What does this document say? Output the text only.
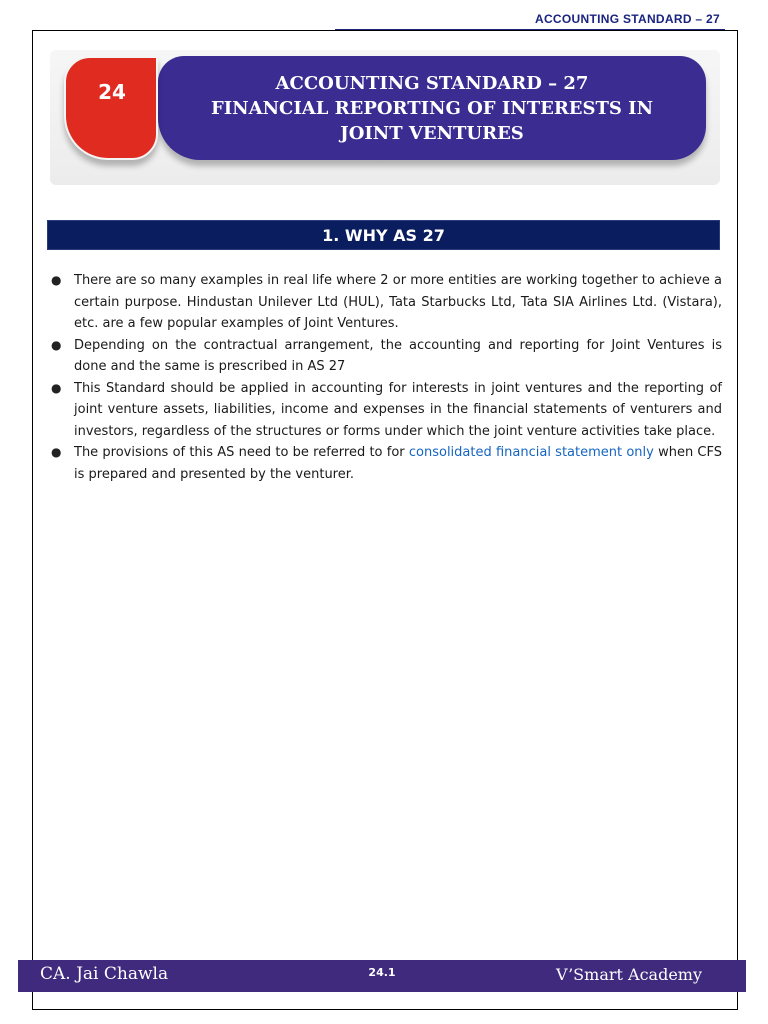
ACCOUNTING STANDARD – 27
ACCOUNTING STANDARD – 27
FINANCIAL REPORTING OF INTERESTS IN
JOINT VENTURES
24
1. WHY AS 27
● There are so many examples in real life where 2 or more entities are working together to achieve a certain purpose. Hindustan Unilever Ltd (HUL), Tata Starbucks Ltd, Tata SIA Airlines Ltd. (Vistara), etc. are a few popular examples of Joint Ventures.
● Depending on the contractual arrangement, the accounting and reporting for Joint Ventures is done and the same is prescribed in AS 27
● This Standard should be applied in accounting for interests in joint ventures and the reporting of joint venture assets, liabilities, income and expenses in the financial statements of venturers and investors, regardless of the structures or forms under which the joint venture activities take place.
● The provisions of this AS need to be referred to for consolidated financial statement only when CFS is prepared and presented by the venturer.
CA. Jai Chawla	24.1	V’Smart Academy
